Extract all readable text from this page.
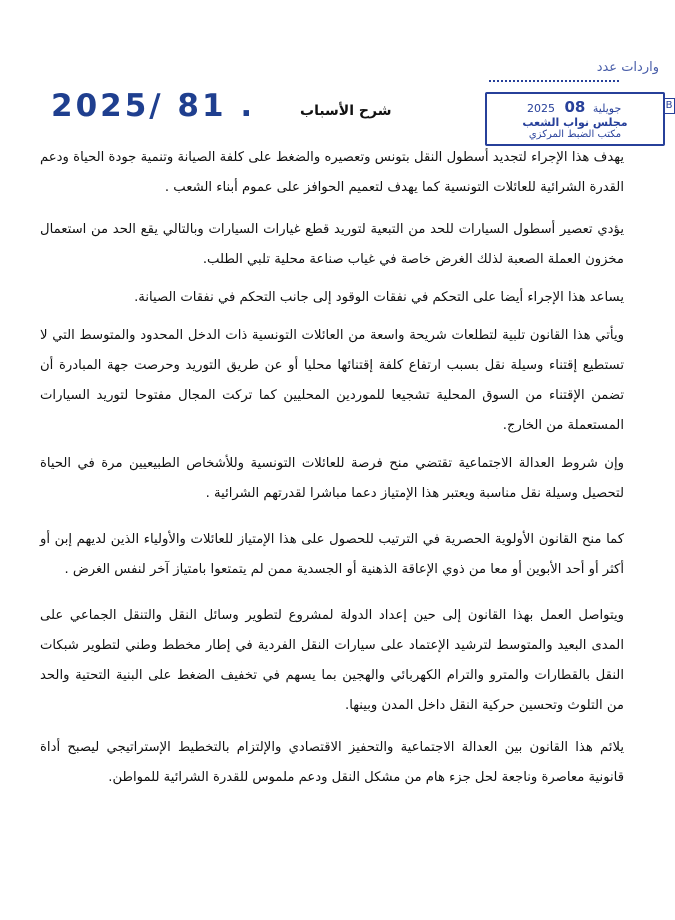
2025/ 81 .	شرح الأسباب
واردات عدد
2025	جويلية 08	B
مجلس نواب الشعب
مكتب الضبط المركزي

يهدف هذا الإجراء لتجديد أسطول النقل بتونس وتعصيره والضغط على كلفة الصيانة وتنمية جودة الحياة ودعم القدرة الشرائية للعائلات التونسية كما يهدف لتعميم الحوافز على عموم أبناء الشعب .

يؤدي تعصير أسطول السيارات للحد من التبعية لتوريد قطع غيارات السيارات وبالتالي يقع الحد من استعمال مخزون العملة الصعبة لذلك الغرض خاصة في غياب صناعة محلية تلبي الطلب.

يساعد هذا الإجراء أيضا على التحكم في نفقات الوقود إلى جانب التحكم في نفقات الصيانة.

ويأتي هذا القانون تلبية لتطلعات شريحة واسعة من العائلات التونسية ذات الدخل المحدود والمتوسط التي لا تستطيع إقتناء وسيلة نقل بسبب ارتفاع كلفة إقتنائها محليا أو عن طريق التوريد وحرصت جهة المبادرة أن تضمن الإقتناء من السوق المحلية تشجيعا للموردين المحليين كما تركت المجال مفتوحا لتوريد السيارات المستعملة من الخارج.

وإن شروط العدالة الاجتماعية تقتضي منح فرصة للعائلات التونسية وللأشخاص الطبيعيين مرة في الحياة لتحصيل وسيلة نقل مناسبة ويعتبر هذا الإمتياز دعما مباشرا لقدرتهم الشرائية .

كما منح القانون الأولوية الحصرية في الترتيب للحصول على هذا الإمتياز للعائلات والأولياء الذين لديهم إبن أو أكثر أو أحد الأبوين أو معا من ذوي الإعاقة الذهنية أو الجسدية ممن لم يتمتعوا بامتياز آخر لنفس الغرض .

ويتواصل العمل بهذا القانون إلى حين إعداد الدولة لمشروع لتطوير وسائل النقل والتنقل الجماعي على المدى البعيد والمتوسط لترشيد الإعتماد على سيارات النقل الفردية في إطار مخطط وطني لتطوير شبكات النقل بالقطارات والمترو والترام الكهربائي والهجين بما يسهم في تخفيف الضغط على البنية التحتية والحد من التلوث وتحسين حركية النقل داخل المدن وبينها.

يلائم هذا القانون بين العدالة الاجتماعية والتحفيز الاقتصادي والإلتزام بالتخطيط الإستراتيجي ليصبح أداة قانونية معاصرة وناجعة لحل جزء هام من مشكل النقل ودعم ملموس للقدرة الشرائية للمواطن.
